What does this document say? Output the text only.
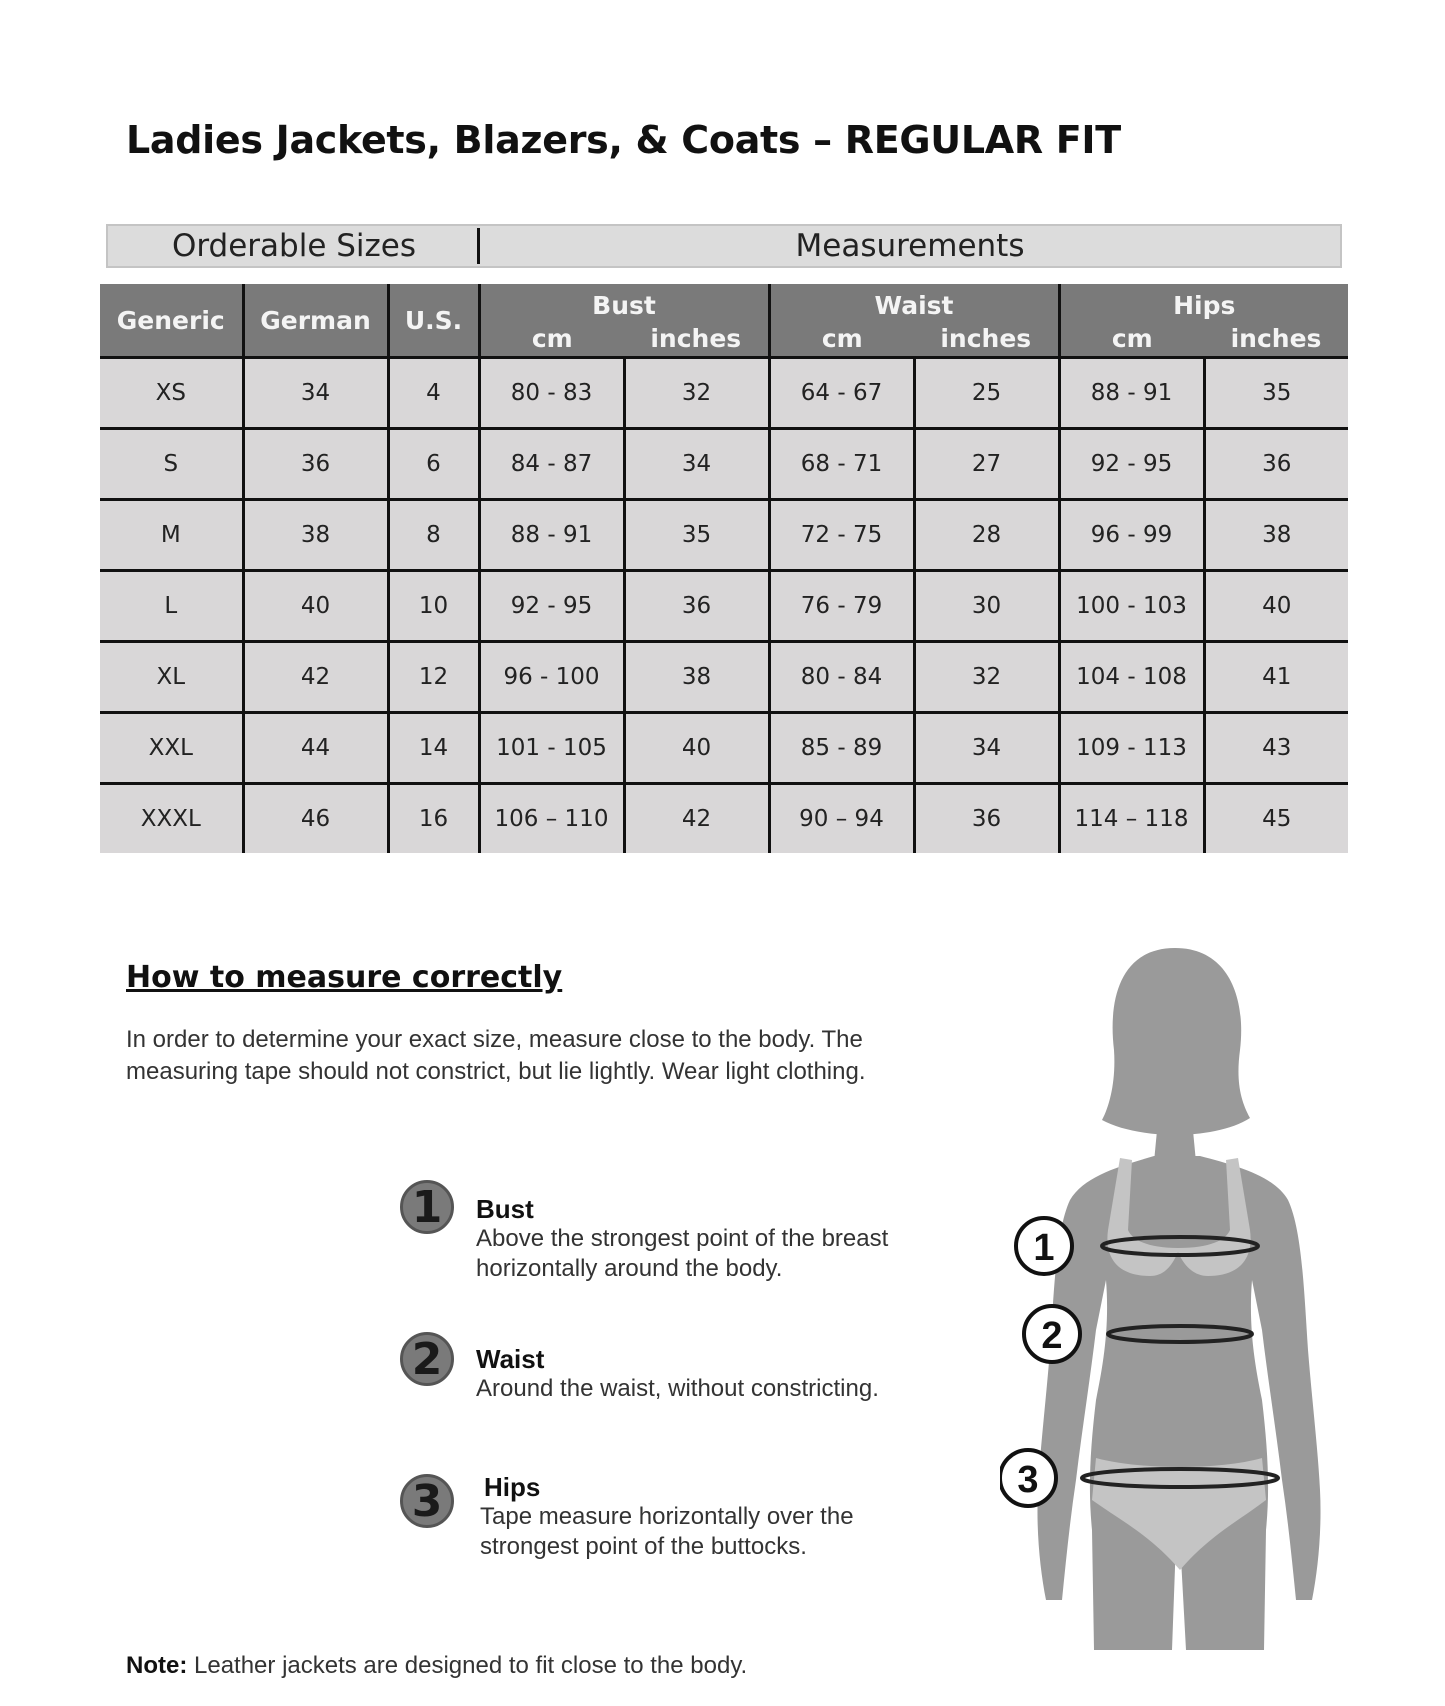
Ladies Jackets, Blazers, & Coats – REGULAR FIT
Orderable Sizes	Measurements
Generic	German	U.S.	Bust		Waist		Hips	
			cm	inches	cm	inches	cm	inches
XS	34	4	80 - 83	32	64 - 67	25	88 - 91	35
S	36	6	84 - 87	34	68 - 71	27	92 - 95	36
M	38	8	88 - 91	35	72 - 75	28	96 - 99	38
L	40	10	92 - 95	36	76 - 79	30	100 - 103	40
XL	42	12	96 - 100	38	80 - 84	32	104 - 108	41
XXL	44	14	101 - 105	40	85 - 89	34	109 - 113	43
XXXL	46	16	106 – 110	42	90 – 94	36	114 – 118	45
How to measure correctly
In order to determine your exact size, measure close to the body. The measuring tape should not constrict, but lie lightly. Wear light clothing.
1	Bust
Above the strongest point of the breast horizontally around the body.
2	Waist
Around the waist, without constricting.
3	Hips
Tape measure horizontally over the strongest point of the buttocks.
Note: Leather jackets are designed to fit close to the body.
1
2
3
